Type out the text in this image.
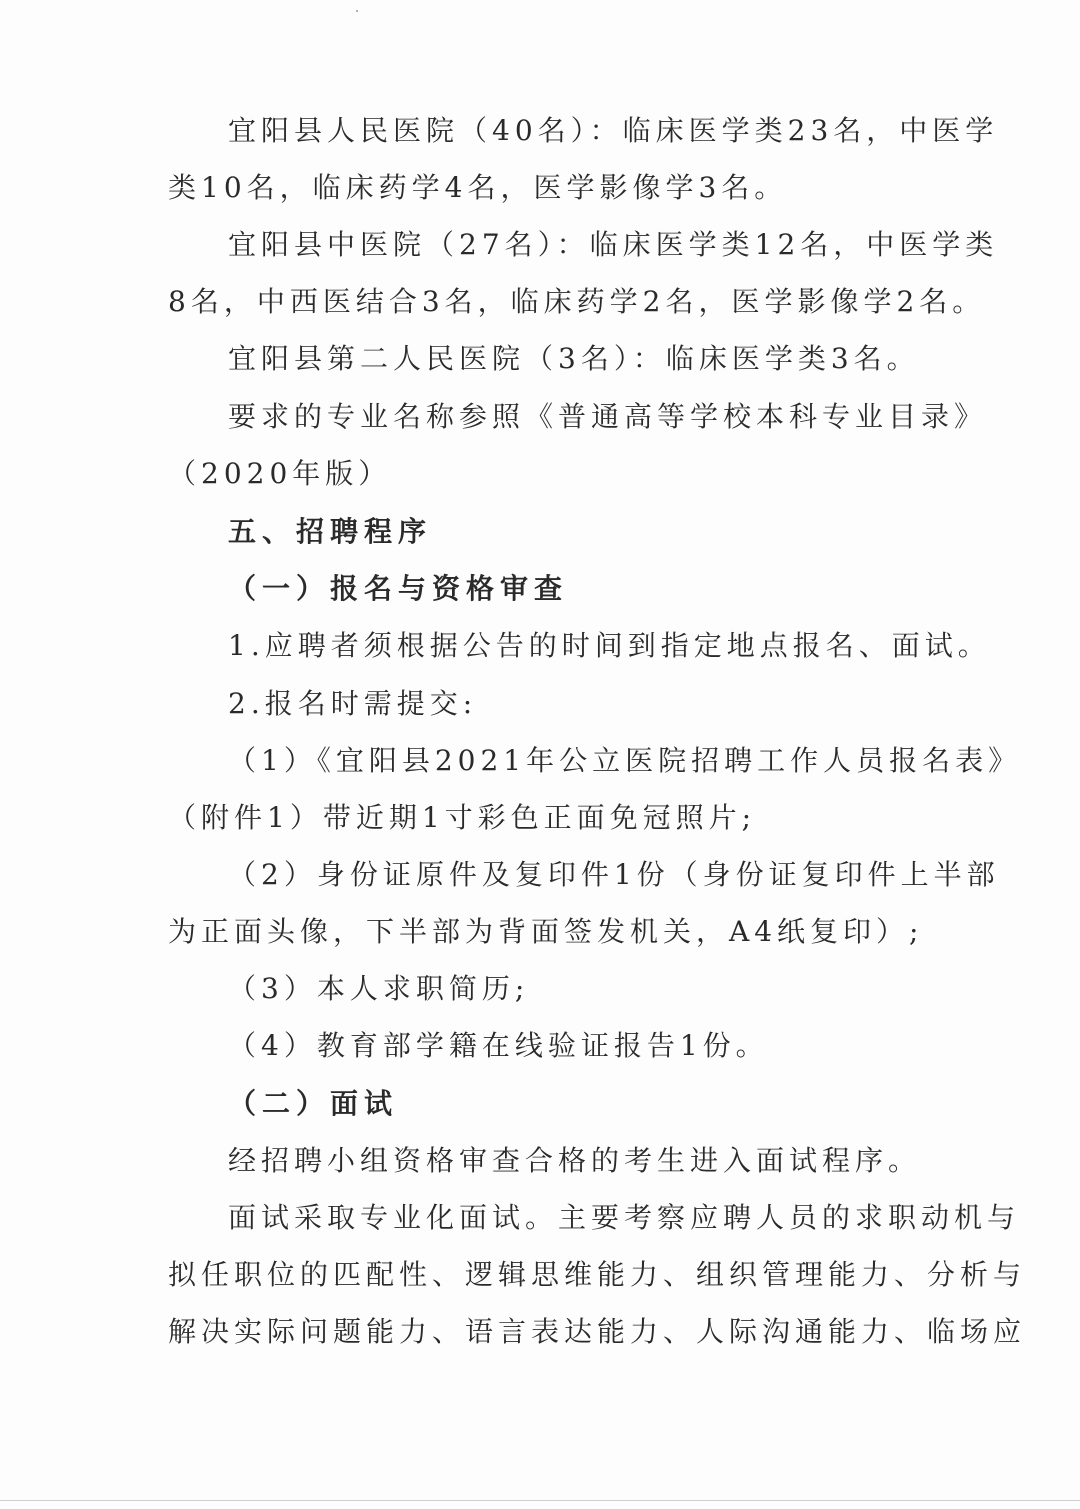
宜阳县人民医院（40名）：临床医学类23名，中医学
类10名，临床药学4名，医学影像学3名。
宜阳县中医院（27名）：临床医学类12名，中医学类
8名，中西医结合3名，临床药学2名，医学影像学2名。
宜阳县第二人民医院（3名）：临床医学类3名。
要求的专业名称参照《普通高等学校本科专业目录》
（2020年版）
五、招聘程序
（一）报名与资格审查
1.应聘者须根据公告的时间到指定地点报名、面试。
2.报名时需提交:
（1）《宜阳县2021年公立医院招聘工作人员报名表》
（附件1）带近期1寸彩色正面免冠照片;
（2）身份证原件及复印件1份（身份证复印件上半部
为正面头像，下半部为背面签发机关，A4纸复印）;
（3）本人求职简历;
（4）教育部学籍在线验证报告1份。
（二）面试
经招聘小组资格审查合格的考生进入面试程序。
面试采取专业化面试。主要考察应聘人员的求职动机与
拟任职位的匹配性、逻辑思维能力、组织管理能力、分析与
解决实际问题能力、语言表达能力、人际沟通能力、临场应
